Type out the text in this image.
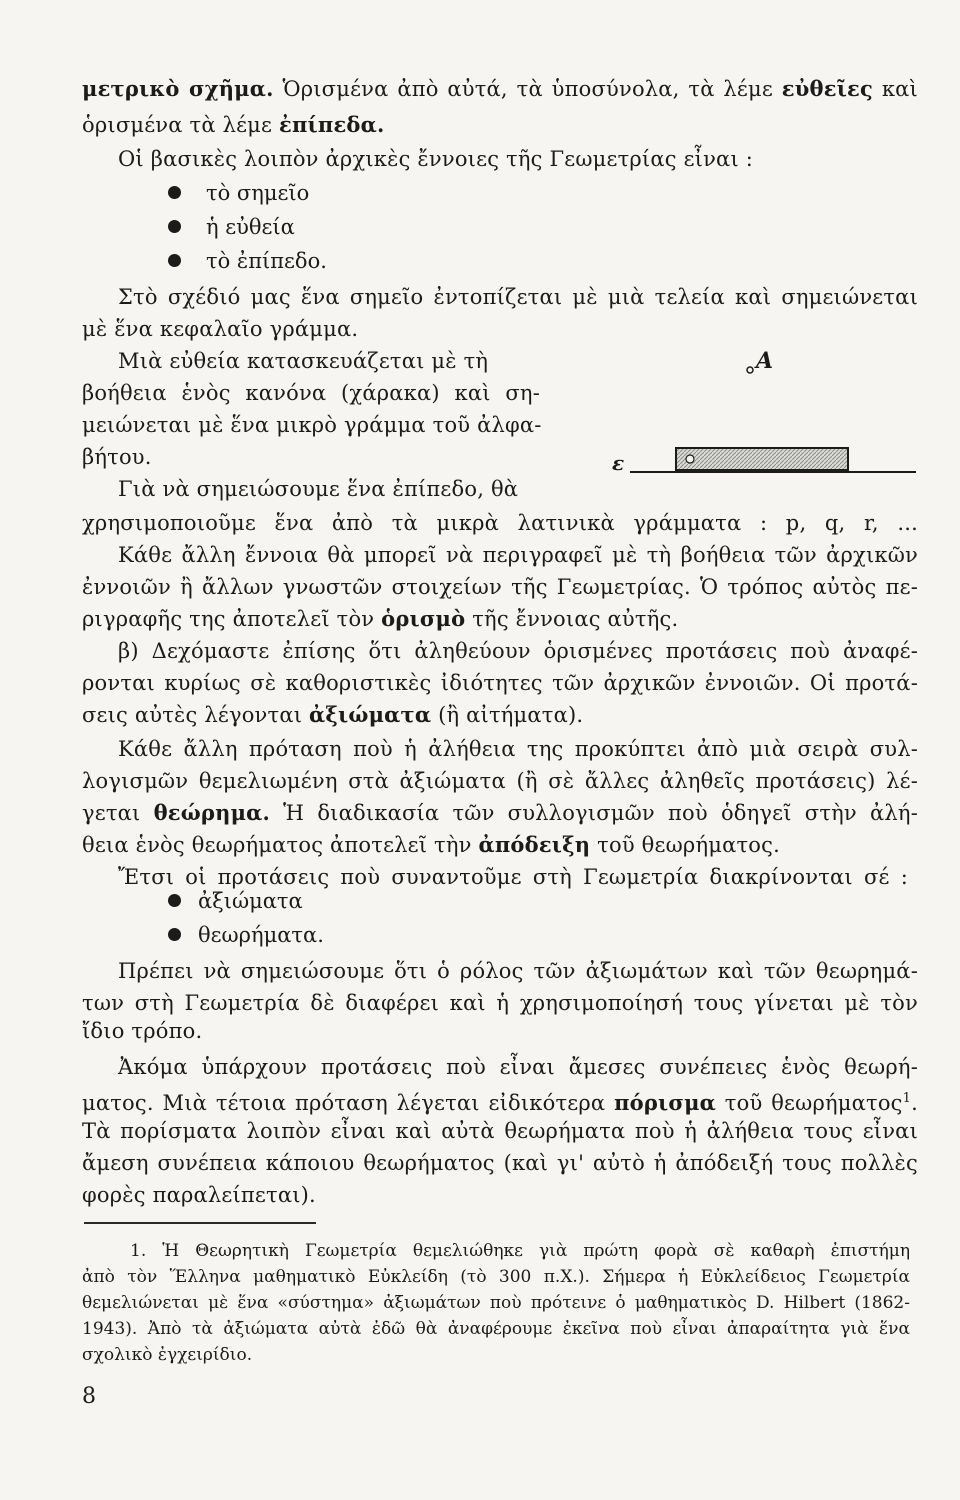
μετρικὸ σχῆμα. Ὁρισμένα ἀπὸ αὐτά, τὰ ὑποσύνολα, τὰ λέμε εὐθεῖες καὶ
ὁρισμένα τὰ λέμε ἐπίπεδα.
Οἱ βασικὲς λοιπὸν ἀρχικὲς ἔννοιες τῆς Γεωμετρίας εἶναι :
τὸ σημεῖο
ἡ εὐθεία
τὸ ἐπίπεδο.
Στὸ σχέδιό μας ἕνα σημεῖο ἐντοπίζεται μὲ μιὰ τελεία καὶ σημειώνεται
μὲ ἕνα κεφαλαῖο γράμμα.
Μιὰ εὐθεία κατασκευάζεται μὲ τὴ
βοήθεια ἑνὸς κανόνα (χάρακα) καὶ ση-
μειώνεται μὲ ἕνα μικρὸ γράμμα τοῦ ἀλφα-
βήτου.
Γιὰ νὰ σημειώσουμε ἕνα ἐπίπεδο, θὰ
A
ε
χρησιμοποιοῦμε ἕνα ἀπὸ τὰ μικρὰ λατινικὰ γράμματα : p, q, r, ...
Κάθε ἄλλη ἔννοια θὰ μπορεῖ νὰ περιγραφεῖ μὲ τὴ βοήθεια τῶν ἀρχικῶν
ἐννοιῶν ἢ ἄλλων γνωστῶν στοιχείων τῆς Γεωμετρίας. Ὁ τρόπος αὐτὸς πε-
ριγραφῆς της ἀποτελεῖ τὸν ὁρισμὸ τῆς ἔννοιας αὐτῆς.
β) Δεχόμαστε ἐπίσης ὅτι ἀληθεύουν ὁρισμένες προτάσεις ποὺ ἀναφέ-
ρονται κυρίως σὲ καθοριστικὲς ἰδιότητες τῶν ἀρχικῶν ἐννοιῶν. Οἱ προτά-
σεις αὐτὲς λέγονται ἀξιώματα (ἢ αἰτήματα).
Κάθε ἄλλη πρόταση ποὺ ἡ ἀλήθεια της προκύπτει ἀπὸ μιὰ σειρὰ συλ-
λογισμῶν θεμελιωμένη στὰ ἀξιώματα (ἢ σὲ ἄλλες ἀληθεῖς προτάσεις) λέ-
γεται θεώρημα. Ἡ διαδικασία τῶν συλλογισμῶν ποὺ ὁδηγεῖ στὴν ἀλή-
θεια ἑνὸς θεωρήματος ἀποτελεῖ τὴν ἀπόδειξη τοῦ θεωρήματος.
Ἔτσι οἱ προτάσεις ποὺ συναντοῦμε στὴ Γεωμετρία διακρίνονται σέ :
ἀξιώματα
θεωρήματα.
Πρέπει νὰ σημειώσουμε ὅτι ὁ ρόλος τῶν ἀξιωμάτων καὶ τῶν θεωρημά-
των στὴ Γεωμετρία δὲ διαφέρει καὶ ἡ χρησιμοποίησή τους γίνεται μὲ τὸν
ἴδιο τρόπο.
Ἀκόμα ὑπάρχουν προτάσεις ποὺ εἶναι ἄμεσες συνέπειες ἑνὸς θεωρή-
ματος. Μιὰ τέτοια πρόταση λέγεται εἰδικότερα πόρισμα τοῦ θεωρήματος$^1$.
Τὰ πορίσματα λοιπὸν εἶναι καὶ αὐτὰ θεωρήματα ποὺ ἡ ἀλήθεια τους εἶναι
ἄμεση συνέπεια κάποιου θεωρήματος (καὶ γι' αὐτὸ ἡ ἀπόδειξή τους πολλὲς
φορὲς παραλείπεται).
1. Ἡ Θεωρητικὴ Γεωμετρία θεμελιώθηκε γιὰ πρώτη φορὰ σὲ καθαρὴ ἐπιστήμη
ἀπὸ τὸν Ἕλληνα μαθηματικὸ Εὐκλείδη (τὸ 300 π.Χ.). Σήμερα ἡ Εὐκλείδειος Γεωμετρία
θεμελιώνεται μὲ ἕνα «σύστημα» ἀξιωμάτων ποὺ πρότεινε ὁ μαθηματικὸς D. Hilbert (1862-
1943). Ἀπὸ τὰ ἀξιώματα αὐτὰ ἐδῶ θὰ ἀναφέρουμε ἐκεῖνα ποὺ εἶναι ἀπαραίτητα γιὰ ἕνα
σχολικὸ ἐγχειρίδιο.
8
